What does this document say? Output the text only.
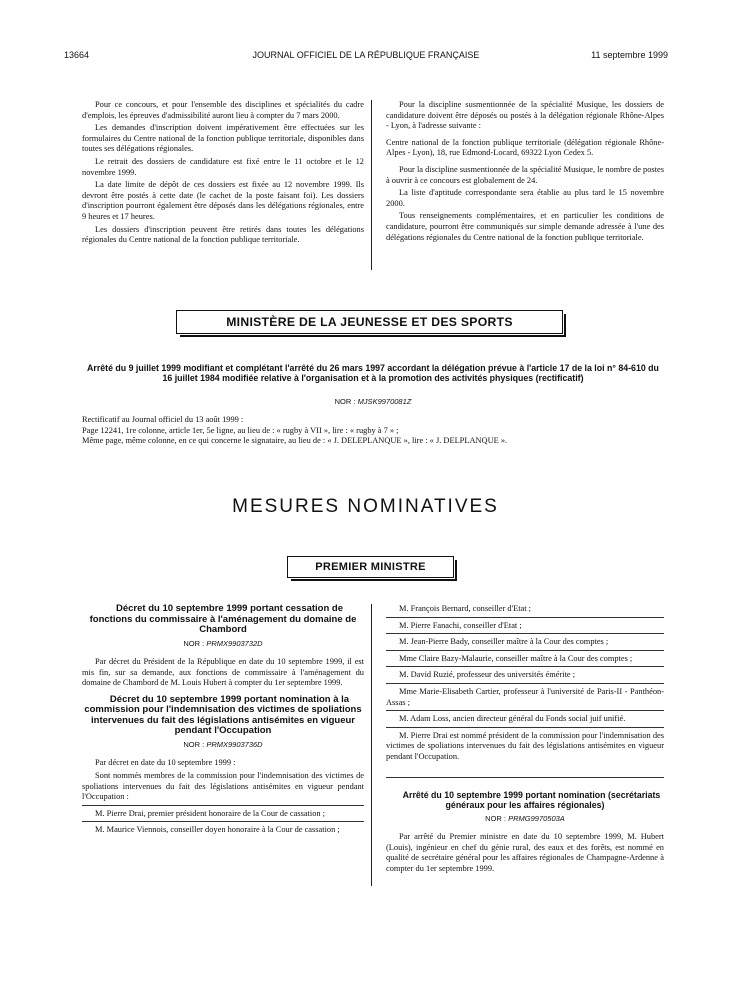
13664	JOURNAL OFFICIEL DE LA RÉPUBLIQUE FRANÇAISE	11 septembre 1999

Pour ce concours, et pour l'ensemble des disciplines et spécialités du cadre d'emplois, les épreuves d'admissibilité auront lieu à compter du 7 mars 2000.

Les demandes d'inscription doivent impérativement être effectuées sur les formulaires du Centre national de la fonction publique territoriale, disponibles dans toutes ses délégations régionales.

Le retrait des dossiers de candidature est fixé entre le 11 octobre et le 12 novembre 1999.

La date limite de dépôt de ces dossiers est fixée au 12 novembre 1999. Ils devront être postés à cette date (le cachet de la poste faisant foi). Les dossiers d'inscription pourront également être déposés dans les délégations régionales, entre 9 heures et 17 heures.

Les dossiers d'inscription peuvent être retirés dans toutes les délégations régionales du Centre national de la fonction publique territoriale.

Pour la discipline susmentionnée de la spécialité Musique, les dossiers de candidature doivent être déposés ou postés à la délégation régionale Rhône-Alpes - Lyon, à l'adresse suivante :

Centre national de la fonction publique territoriale (délégation régionale Rhône-Alpes - Lyon), 18, rue Edmond-Locard, 69322 Lyon Cedex 5.

Pour la discipline susmentionnée de la spécialité Musique, le nombre de postes à ouvrir à ce concours est globalement de 24.

La liste d'aptitude correspondante sera établie au plus tard le 15 novembre 2000.

Tous renseignements complémentaires, et en particulier les conditions de candidature, pourront être communiqués sur simple demande adressée à l'une des délégations régionales du Centre national de la fonction publique territoriale.

MINISTÈRE DE LA JEUNESSE ET DES SPORTS
Arrêté du 9 juillet 1999 modifiant et complétant l'arrêté du 26 mars 1997 accordant la délégation prévue à l'article 17 de la loi n° 84-610 du 16 juillet 1984 modifiée relative à l'organisation et à la promotion des activités physiques (rectificatif)
NOR : MJSK9970081Z
Rectificatif au Journal officiel du 13 août 1999 :
Page 12241, 1re colonne, article 1er, 5e ligne, au lieu de : « rugby à VII », lire : « rugby à 7 » ;
Même page, même colonne, en ce qui concerne le signataire, au lieu de : « J. DELEPLANQUE », lire : « J. DELPLANQUE ».
MESURES NOMINATIVES
PREMIER MINISTRE

Décret du 10 septembre 1999 portant cessation de fonctions du commissaire à l'aménagement du domaine de Chambord

NOR : PRMX9903732D

Par décret du Président de la République en date du 10 septembre 1999, il est mis fin, sur sa demande, aux fonctions de commissaire à l'aménagement du domaine de Chambord de M. Louis Hubert à compter du 1er septembre 1999.

Décret du 10 septembre 1999 portant nomination à la commission pour l'indemnisation des victimes de spoliations intervenues du fait des législations antisémites en vigueur pendant l'Occupation

NOR : PRMX9903736D

Par décret en date du 10 septembre 1999 :

Sont nommés membres de la commission pour l'indemnisation des victimes de spoliations intervenues du fait des législations antisémites en vigueur pendant l'Occupation :

M. Pierre Drai, premier président honoraire de la Cour de cassation ;

M. Maurice Viennois, conseiller doyen honoraire à la Cour de cassation ;

M. François Bernard, conseiller d'Etat ;

M. Pierre Fanachi, conseiller d'Etat ;

M. Jean-Pierre Bady, conseiller maître à la Cour des comptes ;

Mme Claire Bazy-Malaurie, conseiller maître à la Cour des comptes ;

M. David Ruzié, professeur des universités émérite ;

Mme Marie-Elisabeth Cartier, professeur à l'université de Paris-II - Panthéon-Assas ;

M. Adam Loss, ancien directeur général du Fonds social juif unifié.

M. Pierre Drai est nommé président de la commission pour l'indemnisation des victimes de spoliations intervenues du fait des législations antisémites en vigueur pendant l'Occupation.

Arrêté du 10 septembre 1999 portant nomination (secrétariats généraux pour les affaires régionales)

NOR : PRMG9970503A

Par arrêté du Premier ministre en date du 10 septembre 1999, M. Hubert (Louis), ingénieur en chef du génie rural, des eaux et des forêts, est nommé en qualité de secrétaire général pour les affaires régionales de Champagne-Ardenne à compter du 1er septembre 1999.
